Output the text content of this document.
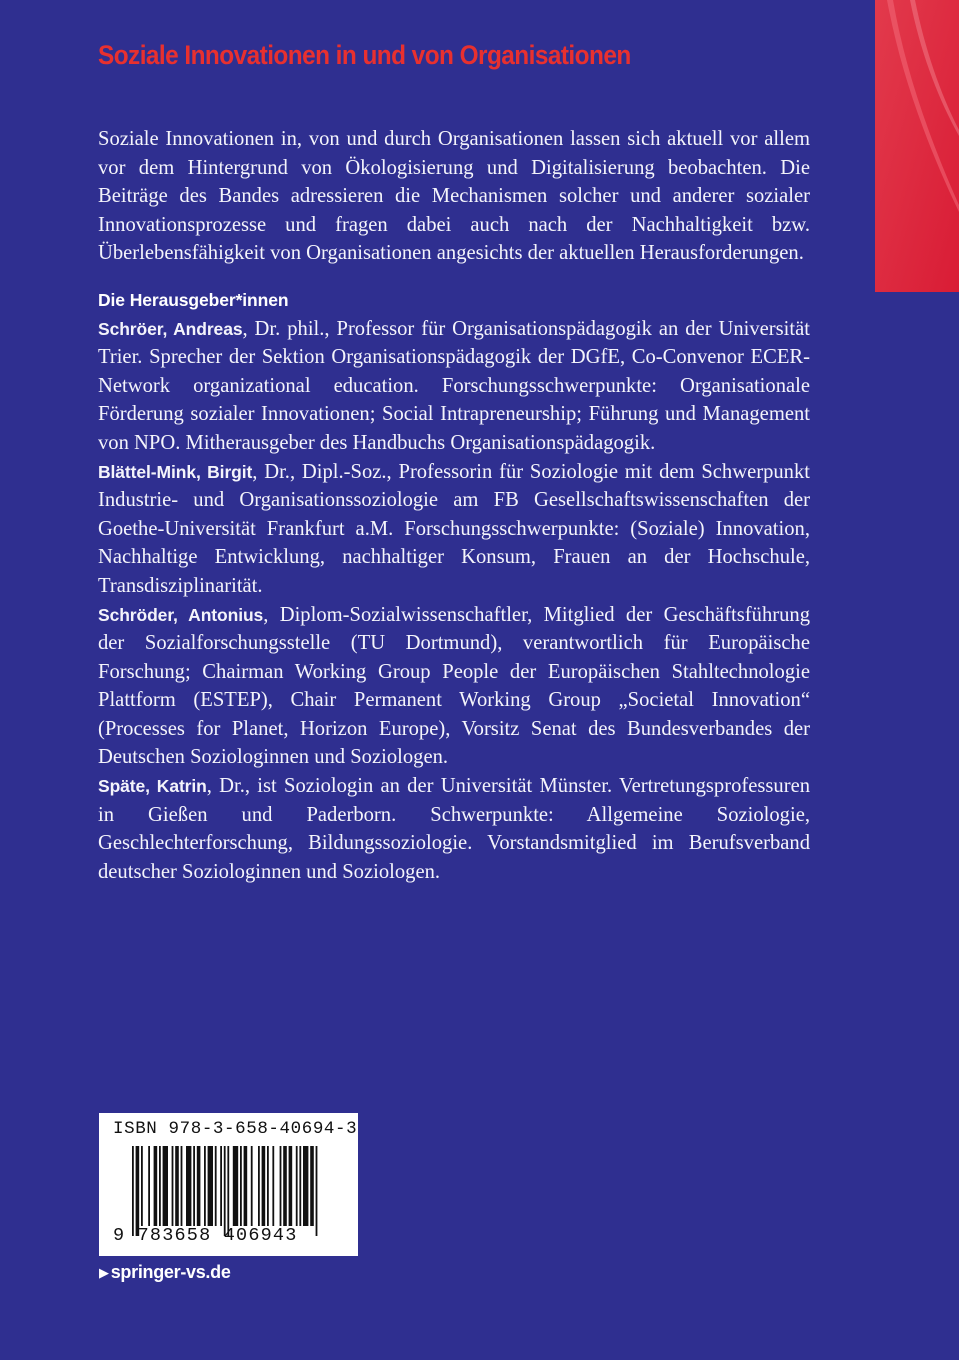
Soziale Innovationen in und von Organisationen

Soziale Innovationen in, von und durch Organisationen lassen sich aktuell vor allem vor dem Hintergrund von Ökologisierung und Digitalisierung beobachten. Die Beiträge des Bandes adressieren die Mechanismen solcher und anderer sozialer Innovationsprozesse und fragen dabei auch nach der Nachhaltigkeit bzw. Überlebensfähigkeit von Organisationen angesichts der aktuellen Herausforderungen.

Die Herausgeber*innen

Schröer, Andreas, Dr. phil., Professor für Organisationspädagogik an der Universität Trier. Sprecher der Sektion Organisationspädagogik der DGfE, Co-Convenor ECER-Network organizational education. Forschungsschwerpunkte: Organisationale Förderung sozialer Innovationen; Social Intrapreneurship; Führung und Management von NPO. Mitherausgeber des Handbuchs Organisationspädagogik.

Blättel-Mink, Birgit, Dr., Dipl.-Soz., Professorin für Soziologie mit dem Schwerpunkt Industrie- und Organisationssoziologie am FB Gesellschaftswissenschaften der Goethe-Universität Frankfurt a.M. Forschungsschwerpunkte: (Soziale) Innovation, Nachhaltige Entwicklung, nachhaltiger Konsum, Frauen an der Hochschule, Transdisziplinarität.

Schröder, Antonius, Diplom-Sozialwissenschaftler, Mitglied der Geschäftsführung der Sozialforschungsstelle (TU Dortmund), verantwortlich für Europäische Forschung; Chairman Working Group People der Europäischen Stahltechnologie Plattform (ESTEP), Chair Permanent Working Group „Societal Innovation“ (Processes for Planet, Horizon Europe), Vorsitz Senat des Bundesverbandes der Deutschen Soziologinnen und Soziologen.

Späte, Katrin, Dr., ist Soziologin an der Universität Münster. Vertretungsprofessuren in Gießen und Paderborn. Schwerpunkte: Allgemeine Soziologie, Geschlechterforschung, Bildungssoziologie. Vorstandsmitglied im Berufsverband deutscher Soziologinnen und Soziologen.

ISBN 978-3-658-40694-3
9 783658 406943
▶ springer-vs.de
